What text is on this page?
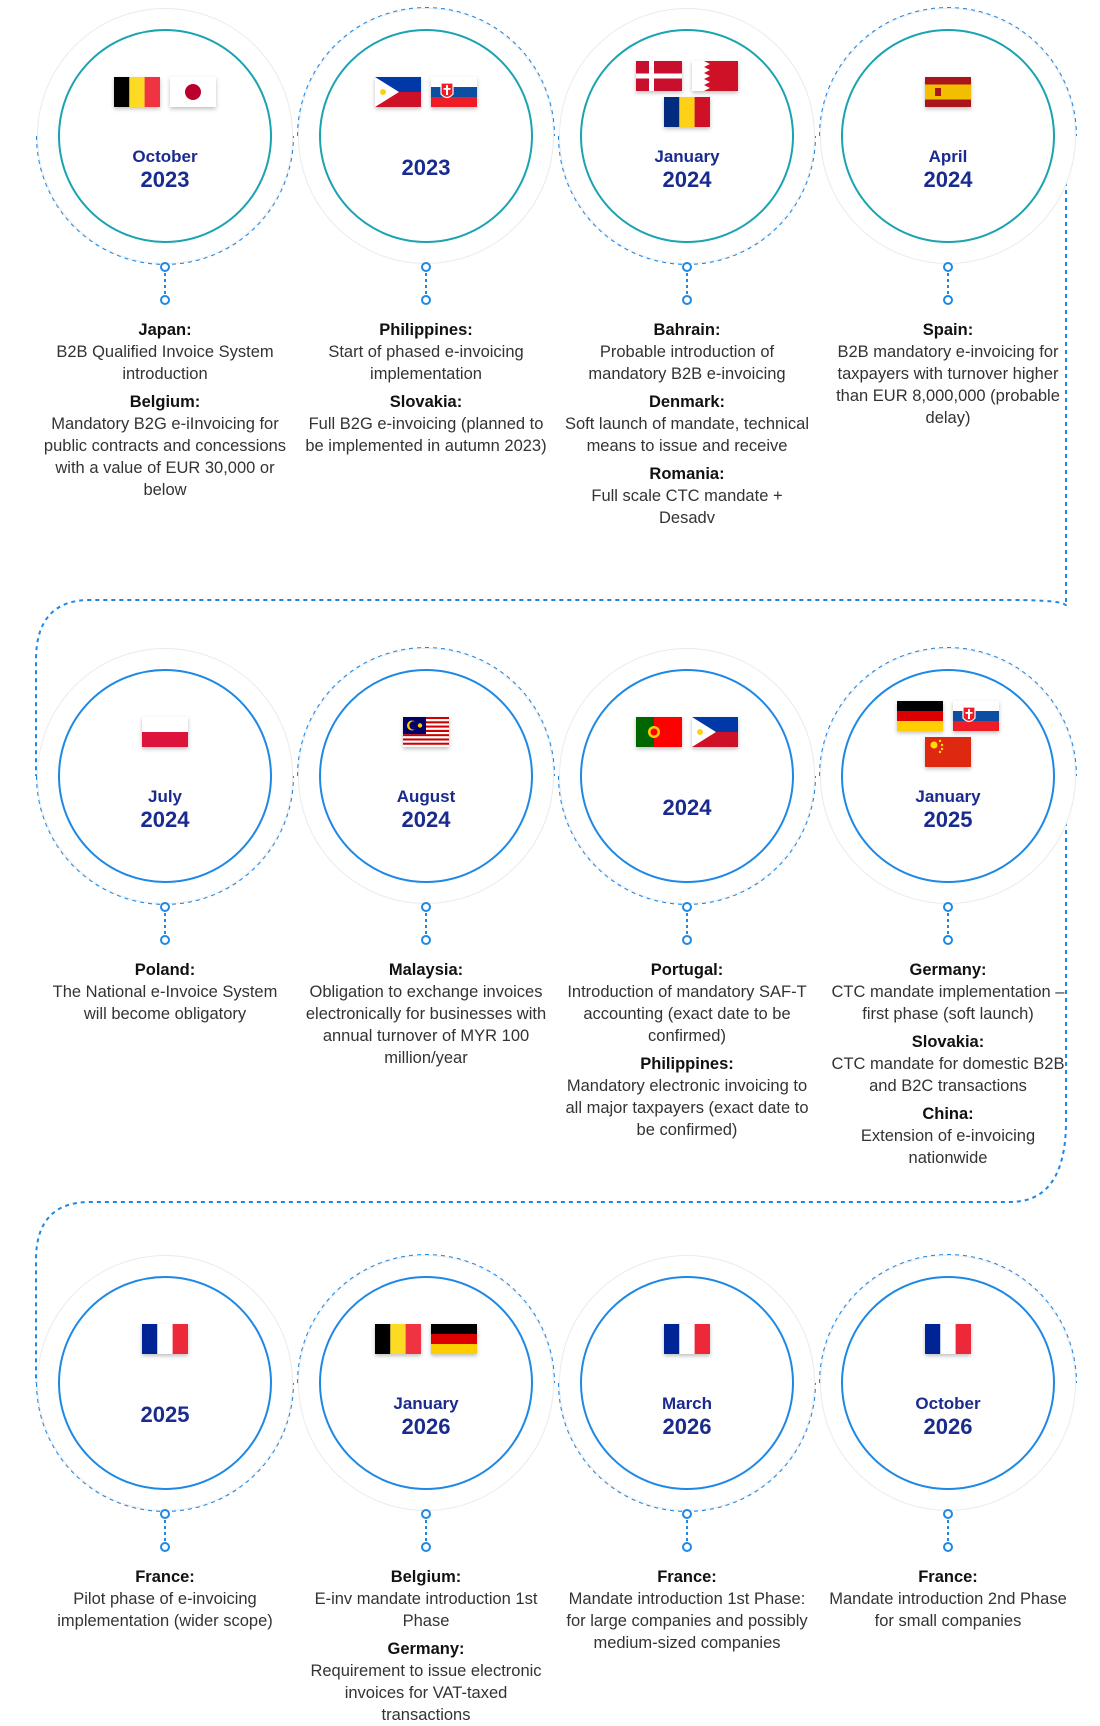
October
2023
Japan:
B2B Qualified Invoice System introduction
Belgium:
Mandatory B2G e-iInvoicing for public contracts and concessions with a value of EUR 30,000 or below
2023
Philippines:
Start of phased e-invoicing implementation
Slovakia:
Full B2G e-invoicing (planned to be implemented in autumn 2023)
January
2024
Bahrain:
Probable introduction of mandatory B2B e-invoicing
Denmark:
Soft launch of mandate, technical means to issue and receive
Romania:
Full scale CTC mandate + Desadv
April
2024
Spain:
B2B mandatory e-invoicing for taxpayers with turnover higher than EUR 8,000,000 (probable delay)
July
2024
Poland:
The National e-Invoice System will become obligatory
August
2024
Malaysia:
Obligation to exchange invoices electronically for businesses with annual turnover of MYR 100 million/year
2024
Portugal:
Introduction of mandatory SAF-T accounting (exact date to be confirmed)
Philippines:
Mandatory electronic invoicing to all major taxpayers (exact date to be confirmed)
January
2025
Germany:
CTC mandate implementation – first phase (soft launch)
Slovakia:
CTC mandate for domestic B2B and B2C transactions
China:
Extension of e-invoicing nationwide
2025
France:
Pilot phase of e-invoicing implementation (wider scope)
January
2026
Belgium:
E-inv mandate introduction 1st Phase
Germany:
Requirement to issue electronic invoices for VAT-taxed transactions
March
2026
France:
Mandate introduction 1st Phase: for large companies and possibly medium-sized companies
October
2026
France:
Mandate introduction 2nd Phase for small companies
